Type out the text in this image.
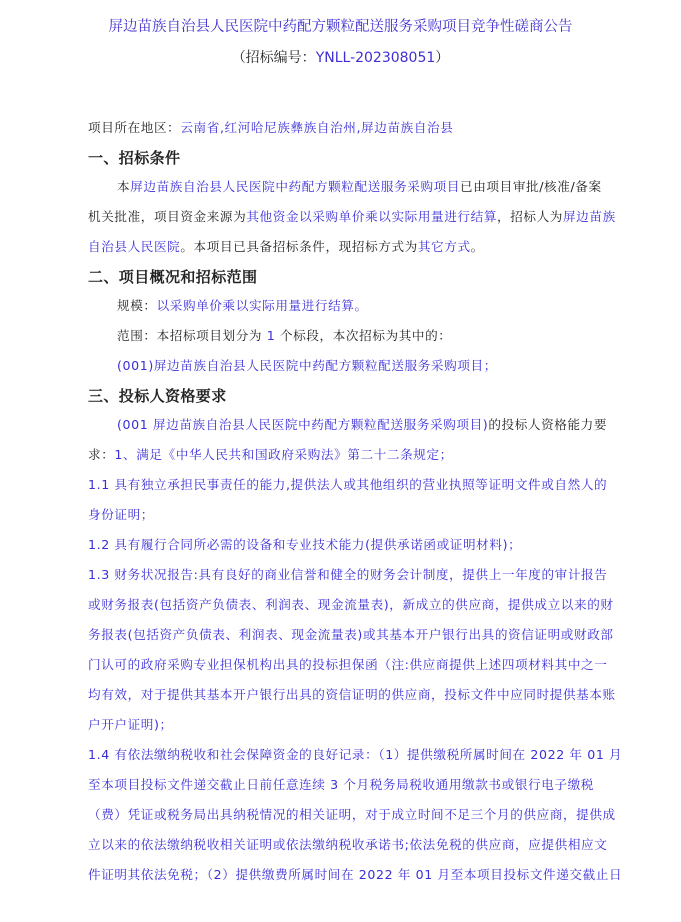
屏边苗族自治县人民医院中药配方颗粒配送服务采购项目竞争性磋商公告
（招标编号：YNLL-202308051）
项目所在地区：云南省,红河哈尼族彝族自治州,屏边苗族自治县
一、招标条件
本屏边苗族自治县人民医院中药配方颗粒配送服务采购项目已由项目审批/核准/备案
机关批准，项目资金来源为其他资金以采购单价乘以实际用量进行结算，招标人为屏边苗族
自治县人民医院。本项目已具备招标条件，现招标方式为其它方式。
二、项目概况和招标范围
规模：以采购单价乘以实际用量进行结算。
范围：本招标项目划分为 1 个标段，本次招标为其中的：
(001)屏边苗族自治县人民医院中药配方颗粒配送服务采购项目；
三、投标人资格要求
(001 屏边苗族自治县人民医院中药配方颗粒配送服务采购项目)的投标人资格能力要
求：1、满足《中华人民共和国政府采购法》第二十二条规定；
1.1 具有独立承担民事责任的能力,提供法人或其他组织的营业执照等证明文件或自然人的
身份证明；
1.2 具有履行合同所必需的设备和专业技术能力(提供承诺函或证明材料)；
1.3 财务状况报告:具有良好的商业信誉和健全的财务会计制度，提供上一年度的审计报告
或财务报表(包括资产负债表、利润表、现金流量表)，新成立的供应商，提供成立以来的财
务报表(包括资产负债表、利润表、现金流量表)或其基本开户银行出具的资信证明或财政部
门认可的政府采购专业担保机构出具的投标担保函（注:供应商提供上述四项材料其中之一
均有效，对于提供其基本开户银行出具的资信证明的供应商，投标文件中应同时提供基本账
户开户证明)；
1.4 有依法缴纳税收和社会保障资金的良好记录：（1）提供缴税所属时间在 2022 年 01 月
至本项目投标文件递交截止日前任意连续 3 个月税务局税收通用缴款书或银行电子缴税
（费）凭证或税务局出具纳税情况的相关证明，对于成立时间不足三个月的供应商，提供成
立以来的依法缴纳税收相关证明或依法缴纳税收承诺书;依法免税的供应商，应提供相应文
件证明其依法免税；（2）提供缴费所属时间在 2022 年 01 月至本项目投标文件递交截止日
